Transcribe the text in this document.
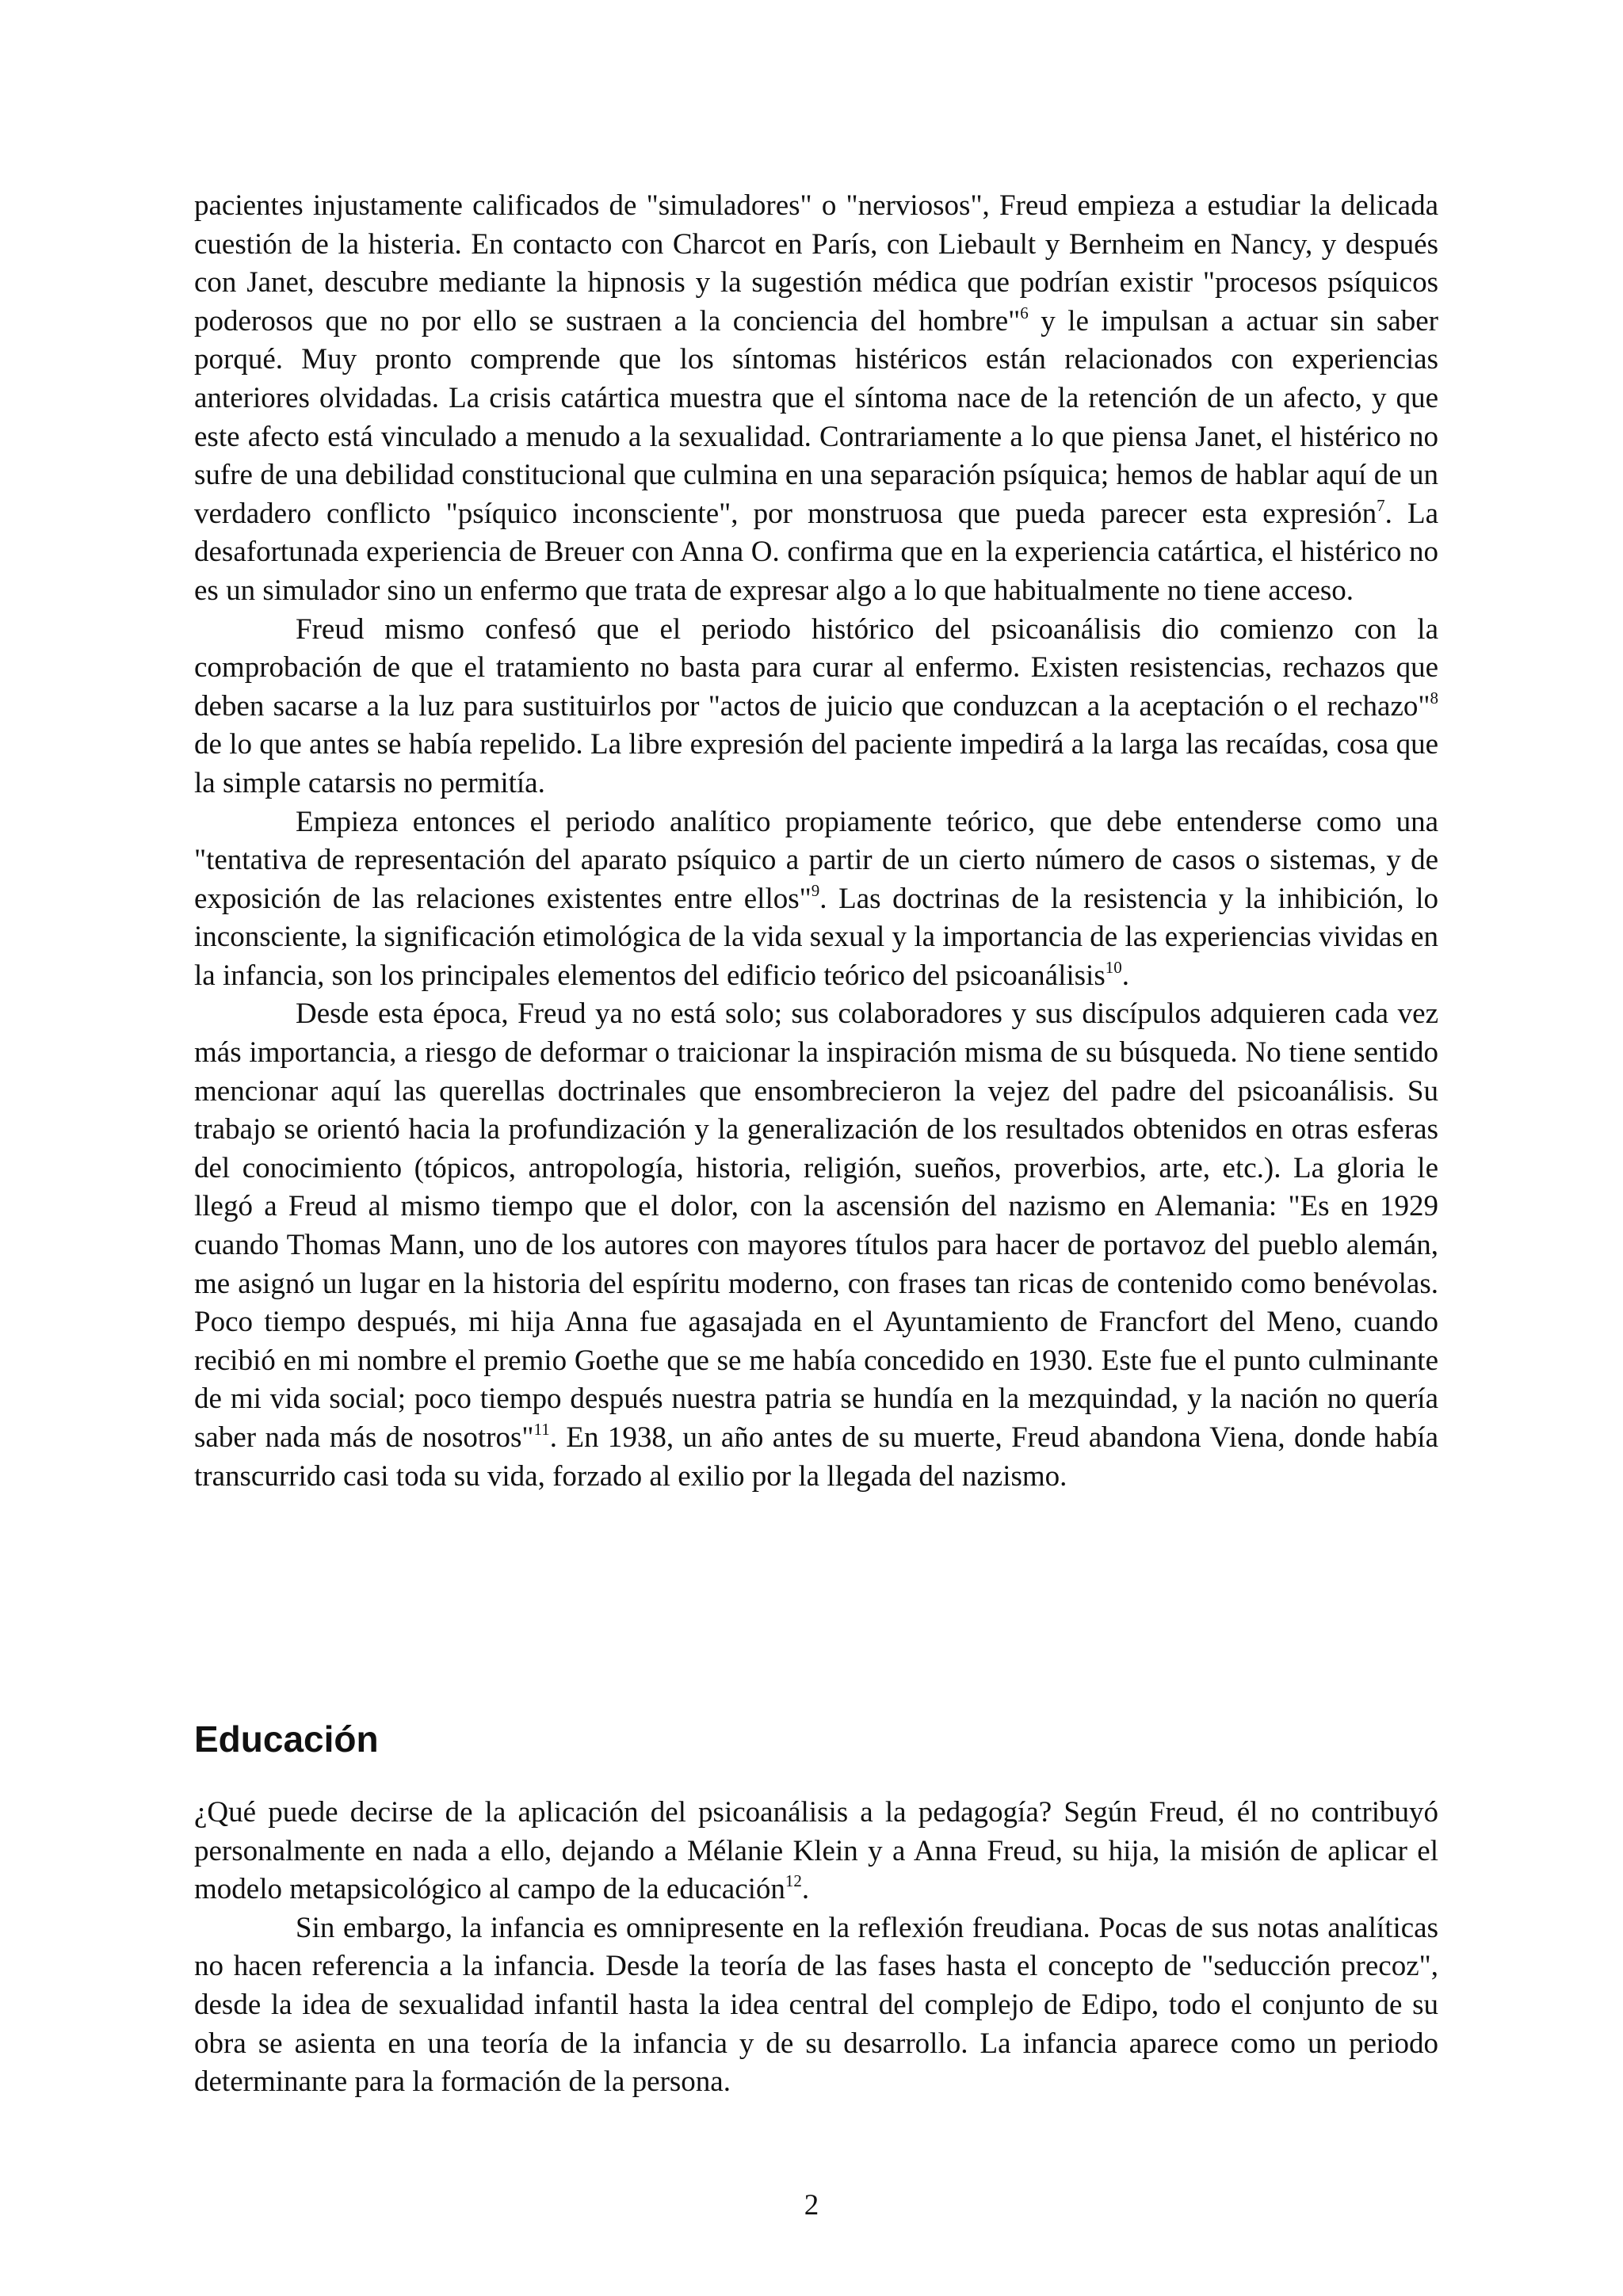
pacientes injustamente calificados de "simuladores" o "nerviosos", Freud empieza a estudiar la delicada cuestión de la histeria. En contacto con Charcot en París, con Liebault y Bernheim en Nancy, y después con Janet, descubre mediante la hipnosis y la sugestión médica que podrían existir "procesos psíquicos poderosos que no por ello se sustraen a la conciencia del hombre"$^6$ y le impulsan a actuar sin saber porqué. Muy pronto comprende que los síntomas histéricos están relacionados con experiencias anteriores olvidadas. La crisis catártica muestra que el síntoma nace de la retención de un afecto, y que este afecto está vinculado a menudo a la sexualidad. Contrariamente a lo que piensa Janet, el histérico no sufre de una debilidad constitucional que culmina en una separación psíquica; hemos de hablar aquí de un verdadero conflicto "psíquico inconsciente", por monstruosa que pueda parecer esta expresión$^7$. La desafortunada experiencia de Breuer con Anna O. confirma que en la experiencia catártica, el histérico no es un simulador sino un enfermo que trata de expresar algo a lo que habitualmente no tiene acceso.

Freud mismo confesó que el periodo histórico del psicoanálisis dio comienzo con la comprobación de que el tratamiento no basta para curar al enfermo. Existen resistencias, rechazos que deben sacarse a la luz para sustituirlos por "actos de juicio que conduzcan a la aceptación o el rechazo"$^8$ de lo que antes se había repelido. La libre expresión del paciente impedirá a la larga las recaídas, cosa que la simple catarsis no permitía.

Empieza entonces el periodo analítico propiamente teórico, que debe entenderse como una "tentativa de representación del aparato psíquico a partir de un cierto número de casos o sistemas, y de exposición de las relaciones existentes entre ellos"$^9$. Las doctrinas de la resistencia y la inhibición, lo inconsciente, la significación etimológica de la vida sexual y la importancia de las experiencias vividas en la infancia, son los principales elementos del edificio teórico del psicoanálisis$^{10}$.

Desde esta época, Freud ya no está solo; sus colaboradores y sus discípulos adquieren cada vez más importancia, a riesgo de deformar o traicionar la inspiración misma de su búsqueda. No tiene sentido mencionar aquí las querellas doctrinales que ensombrecieron la vejez del padre del psicoanálisis. Su trabajo se orientó hacia la profundización y la generalización de los resultados obtenidos en otras esferas del conocimiento (tópicos, antropología, historia, religión, sueños, proverbios, arte, etc.). La gloria le llegó a Freud al mismo tiempo que el dolor, con la ascensión del nazismo en Alemania: "Es en 1929 cuando Thomas Mann, uno de los autores con mayores títulos para hacer de portavoz del pueblo alemán, me asignó un lugar en la historia del espíritu moderno, con frases tan ricas de contenido como benévolas. Poco tiempo después, mi hija Anna fue agasajada en el Ayuntamiento de Francfort del Meno, cuando recibió en mi nombre el premio Goethe que se me había concedido en 1930. Este fue el punto culminante de mi vida social; poco tiempo después nuestra patria se hundía en la mezquindad, y la nación no quería saber nada más de nosotros"$^{11}$. En 1938, un año antes de su muerte, Freud abandona Viena, donde había transcurrido casi toda su vida, forzado al exilio por la llegada del nazismo.

Educación

¿Qué puede decirse de la aplicación del psicoanálisis a la pedagogía? Según Freud, él no contribuyó personalmente en nada a ello, dejando a Mélanie Klein y a Anna Freud, su hija, la misión de aplicar el modelo metapsicológico al campo de la educación$^{12}$.

Sin embargo, la infancia es omnipresente en la reflexión freudiana. Pocas de sus notas analíticas no hacen referencia a la infancia. Desde la teoría de las fases hasta el concepto de "seducción precoz", desde la idea de sexualidad infantil hasta la idea central del complejo de Edipo, todo el conjunto de su obra se asienta en una teoría de la infancia y de su desarrollo. La infancia aparece como un periodo determinante para la formación de la persona.

2
